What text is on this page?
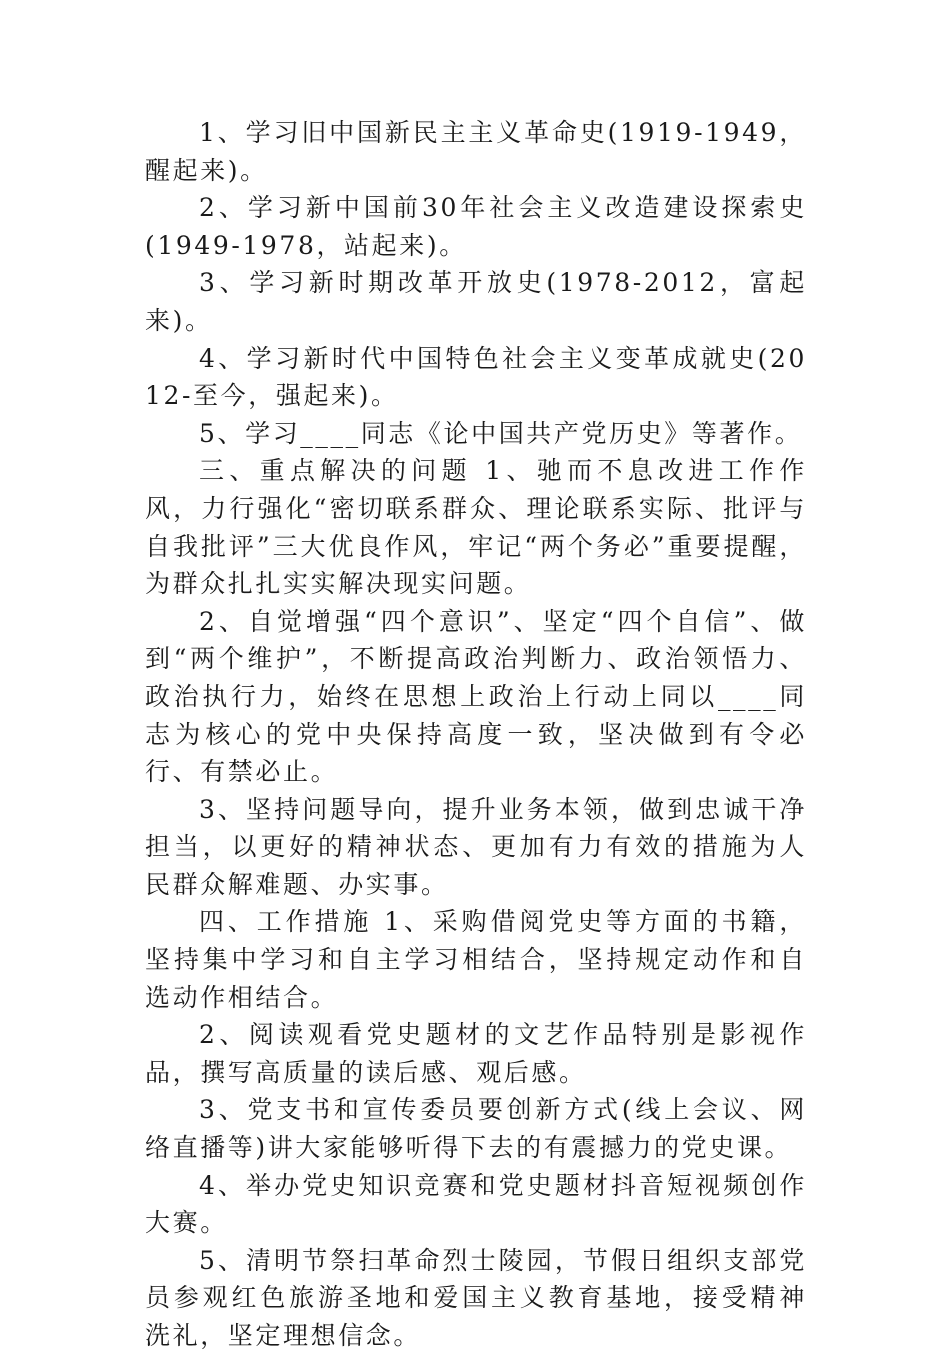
1、学习旧中国新民主主义革命史(1919-1949，醒起来)。

2、学习新中国前30年社会主义改造建设探索史(1949-1978，站起来)。

3、学习新时期改革开放史(1978-2012，富起来)。

4、学习新时代中国特色社会主义变革成就史(2012-至今，强起来)。

5、学习____同志《论中国共产党历史》等著作。

三、重点解决的问题 1、驰而不息改进工作作风，力行强化“密切联系群众、理论联系实际、批评与自我批评”三大优良作风，牢记“两个务必”重要提醒，为群众扎扎实实解决现实问题。

2、自觉增强“四个意识”、坚定“四个自信”、做到“两个维护”，不断提高政治判断力、政治领悟力、政治执行力，始终在思想上政治上行动上同以____同志为核心的党中央保持高度一致，坚决做到有令必行、有禁必止。

3、坚持问题导向，提升业务本领，做到忠诚干净担当，以更好的精神状态、更加有力有效的措施为人民群众解难题、办实事。

四、工作措施 1、采购借阅党史等方面的书籍，坚持集中学习和自主学习相结合，坚持规定动作和自选动作相结合。

2、阅读观看党史题材的文艺作品特别是影视作品，撰写高质量的读后感、观后感。

3、党支书和宣传委员要创新方式(线上会议、网络直播等)讲大家能够听得下去的有震撼力的党史课。

4、举办党史知识竞赛和党史题材抖音短视频创作大赛。

5、清明节祭扫革命烈士陵园，节假日组织支部党员参观红色旅游圣地和爱国主义教育基地，接受精神洗礼，坚定理想信念。
